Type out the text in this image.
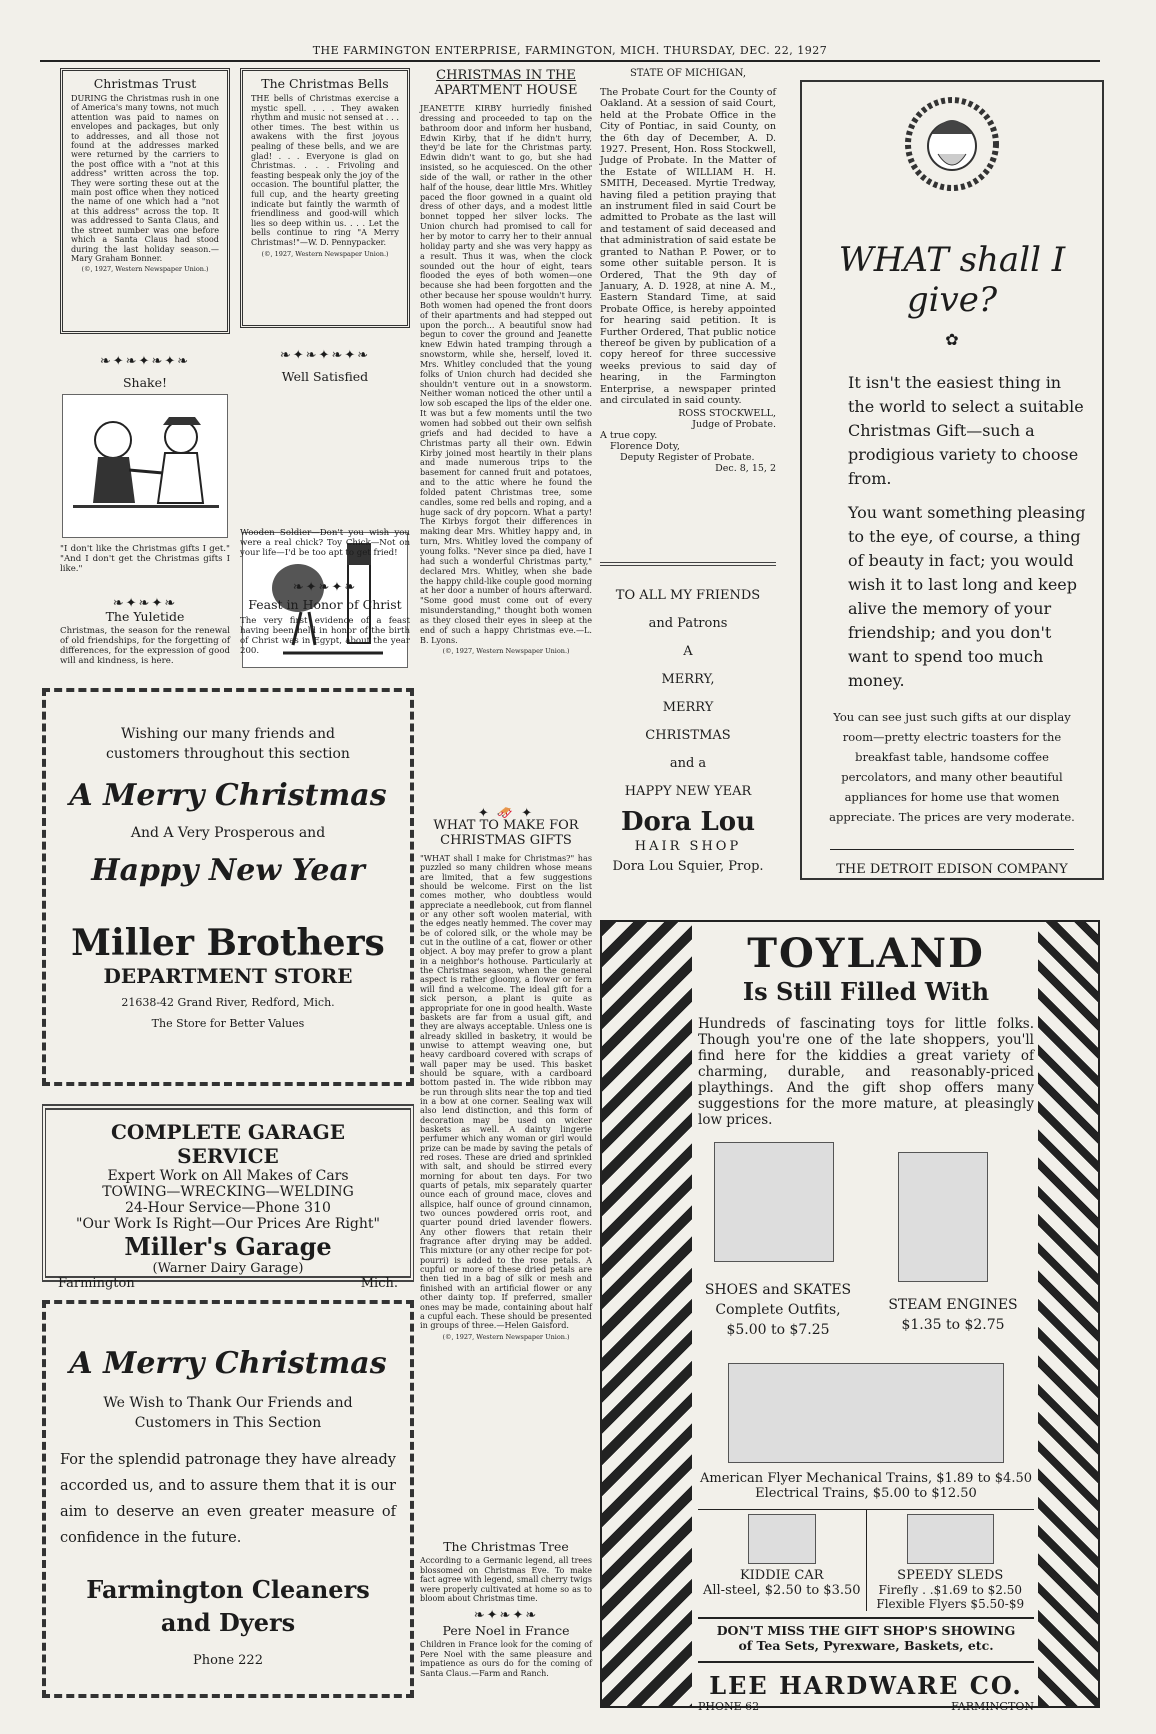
THE FARMINGTON ENTERPRISE, FARMINGTON, MICH. THURSDAY, DEC. 22, 1927
Christmas Trust
DURING the Christmas rush in one of America's many towns, not much attention was paid to names on envelopes and packages, but only to addresses, and all those not found at the addresses marked were returned by the carriers to the post office with a "not at this address" written across the top. They were sorting these out at the main post office when they noticed the name of one which had a "not at this address" across the top. It was addressed to Santa Claus, and the street number was one before which a Santa Claus had stood during the last holiday season.—Mary Graham Bonner.
(©, 1927, Western Newspaper Union.)
❧✦❧✦❧✦❧
Shake!
"I don't like the Christmas gifts I get." "And I don't get the Christmas gifts I like."
❧✦❧✦❧
The Yuletide
Christmas, the season for the renewal of old friendships, for the forgetting of differences, for the expression of good will and kindness, is here.
The Christmas Bells
THE bells of Christmas exercise a mystic spell. . . . They awaken rhythm and music not sensed at . . . other times. The best within us awakens with the first joyous pealing of these bells, and we are glad! . . . Everyone is glad on Christmas. . . . Frivoling and feasting bespeak only the joy of the occasion. The bountiful platter, the full cup, and the hearty greeting indicate but faintly the warmth of friendliness and good-will which lies so deep within us. . . . Let the bells continue to ring "A Merry Christmas!"—W. D. Pennypacker.
(©, 1927, Western Newspaper Union.)
❧✦❧✦❧✦❧
Well Satisfied
Wooden Soldier—Don't you wish you were a real chick? Toy Chick—Not on your life—I'd be too apt to get fried!
❧✦❧✦❧
Feast in Honor of Christ
The very first evidence of a feast having been held in honor of the birth of Christ was in Egypt, about the year 200.
Wishing our many friends and
customers throughout this section
A Merry Christmas
And A Very Prosperous and
Happy New Year
Miller Brothers
DEPARTMENT STORE
21638-42 Grand River, Redford, Mich.
The Store for Better Values
COMPLETE GARAGE SERVICE
Expert Work on All Makes of Cars
TOWING—WRECKING—WELDING
24-Hour Service—Phone 310
"Our Work Is Right—Our Prices Are Right"
Miller's Garage
(Warner Dairy Garage)
Farmington	Mich.
A Merry Christmas
We Wish to Thank Our Friends and
Customers in This Section
For the splendid patronage they have already accorded us, and to assure them that it is our aim to deserve an even greater measure of confidence in the future.
Farmington Cleaners
and Dyers
Phone 222
CHRISTMAS IN THE
APARTMENT HOUSE
JEANETTE KIRBY hurriedly finished dressing and proceeded to tap on the bathroom door and inform her husband, Edwin Kirby, that if he didn't hurry, they'd be late for the Christmas party. Edwin didn't want to go, but she had insisted, so he acquiesced. On the other side of the wall, or rather in the other half of the house, dear little Mrs. Whitley paced the floor gowned in a quaint old dress of other days, and a modest little bonnet topped her silver locks. The Union church had promised to call for her by motor to carry her to their annual holiday party and she was very happy as a result. Thus it was, when the clock sounded out the hour of eight, tears flooded the eyes of both women—one because she had been forgotten and the other because her spouse wouldn't hurry. Both women had opened the front doors of their apartments and had stepped out upon the porch... A beautiful snow had begun to cover the ground and Jeanette knew Edwin hated tramping through a snowstorm, while she, herself, loved it. Mrs. Whitley concluded that the young folks of Union church had decided she shouldn't venture out in a snowstorm. Neither woman noticed the other until a low sob escaped the lips of the elder one. It was but a few moments until the two women had sobbed out their own selfish griefs and had decided to have a Christmas party all their own. Edwin Kirby joined most heartily in their plans and made numerous trips to the basement for canned fruit and potatoes, and to the attic where he found the folded patent Christmas tree, some candles, some red bells and roping, and a huge sack of dry popcorn. What a party! The Kirbys forgot their differences in making dear Mrs. Whitley happy and, in turn, Mrs. Whitley loved the company of young folks. "Never since pa died, have I had such a wonderful Christmas party," declared Mrs. Whitley, when she bade the happy child-like couple good morning at her door a number of hours afterward. "Some good must come out of every misunderstanding," thought both women as they closed their eyes in sleep at the end of such a happy Christmas eve.—L. B. Lyons.
(©, 1927, Western Newspaper Union.)
✦ 🛷 ✦
WHAT TO MAKE FOR
CHRISTMAS GIFTS
"WHAT shall I make for Christmas?" has puzzled so many children whose means are limited, that a few suggestions should be welcome. First on the list comes mother, who doubtless would appreciate a needlebook, cut from flannel or any other soft woolen material, with the edges neatly hemmed. The cover may be of colored silk, or the whole may be cut in the outline of a cat, flower or other object. A boy may prefer to grow a plant in a neighbor's hothouse. Particularly at the Christmas season, when the general aspect is rather gloomy, a flower or fern will find a welcome. The ideal gift for a sick person, a plant is quite as appropriate for one in good health. Waste baskets are far from a usual gift, and they are always acceptable. Unless one is already skilled in basketry, it would be unwise to attempt weaving one, but heavy cardboard covered with scraps of wall paper may be used. This basket should be square, with a cardboard bottom pasted in. The wide ribbon may be run through slits near the top and tied in a bow at one corner. Sealing wax will also lend distinction, and this form of decoration may be used on wicker baskets as well. A dainty lingerie perfumer which any woman or girl would prize can be made by saving the petals of red roses. These are dried and sprinkled with salt, and should be stirred every morning for about ten days. For two quarts of petals, mix separately quarter ounce each of ground mace, cloves and allspice, half ounce of ground cinnamon, two ounces powdered orris root, and quarter pound dried lavender flowers. Any other flowers that retain their fragrance after drying may be added. This mixture (or any other recipe for pot-pourri) is added to the rose petals. A cupful or more of these dried petals are then tied in a bag of silk or mesh and finished with an artificial flower or any other dainty top. If preferred, smaller ones may be made, containing about half a cupful each. These should be presented in groups of three.—Helen Gaisford.
(©, 1927, Western Newspaper Union.)
The Christmas Tree
According to a Germanic legend, all trees blossomed on Christmas Eve. To make fact agree with legend, small cherry twigs were properly cultivated at home so as to bloom about Christmas time.
❧✦❧✦❧
Pere Noel in France
Children in France look for the coming of Pere Noel with the same pleasure and impatience as ours do for the coming of Santa Claus.—Farm and Ranch.
STATE OF MICHIGAN,
The Probate Court for the County of Oakland. At a session of said Court, held at the Probate Office in the City of Pontiac, in said County, on the 6th day of December, A. D. 1927. Present, Hon. Ross Stockwell, Judge of Probate. In the Matter of the Estate of WILLIAM H. H. SMITH, Deceased. Myrtie Tredway, having filed a petition praying that an instrument filed in said Court be admitted to Probate as the last will and testament of said deceased and that administration of said estate be granted to Nathan P. Power, or to some other suitable person. It is Ordered, That the 9th day of January, A. D. 1928, at nine A. M., Eastern Standard Time, at said Probate Office, is hereby appointed for hearing said petition. It is Further Ordered, That public notice thereof be given by publication of a copy hereof for three successive weeks previous to said day of hearing, in the Farmington Enterprise, a newspaper printed and circulated in said county.
ROSS STOCKWELL,
Judge of Probate.
A true copy.
Florence Doty,
Deputy Register of Probate.
Dec. 8, 15, 2
TO ALL MY FRIENDS
and Patrons
A
MERRY,
MERRY
CHRISTMAS
and a
HAPPY NEW YEAR
Dora Lou
HAIR SHOP
Dora Lou Squier, Prop.
WHAT shall I give?
✿
It isn't the easiest thing in the world to select a suitable Christmas Gift—such a prodigious variety to choose from.
You want something pleasing to the eye, of course, a thing of beauty in fact; you would wish it to last long and keep alive the memory of your friendship; and you don't want to spend too much money.
You can see just such gifts at our display room—pretty electric toasters for the breakfast table, handsome coffee percolators, and many other beautiful appliances for home use that women appreciate. The prices are very moderate.
THE DETROIT EDISON COMPANY
TOYLAND
Is Still Filled With
Hundreds of fascinating toys for little folks. Though you're one of the late shoppers, you'll find here for the kiddies a great variety of charming, durable, and reasonably-priced playthings. And the gift shop offers many suggestions for the more mature, at pleasingly low prices.
SHOES and SKATES
Complete Outfits,
$5.00 to $7.25
STEAM ENGINES
$1.35 to $2.75
American Flyer Mechanical Trains, $1.89 to $4.50
Electrical Trains, $5.00 to $12.50
KIDDIE CAR
All-steel, $2.50 to $3.50
SPEEDY SLEDS
Firefly . .$1.69 to $2.50
Flexible Flyers $5.50-$9
DON'T MISS THE GIFT SHOP'S SHOWING
of Tea Sets, Pyrexware, Baskets, etc.
LEE HARDWARE CO.
PHONE 62	FARMINGTON
